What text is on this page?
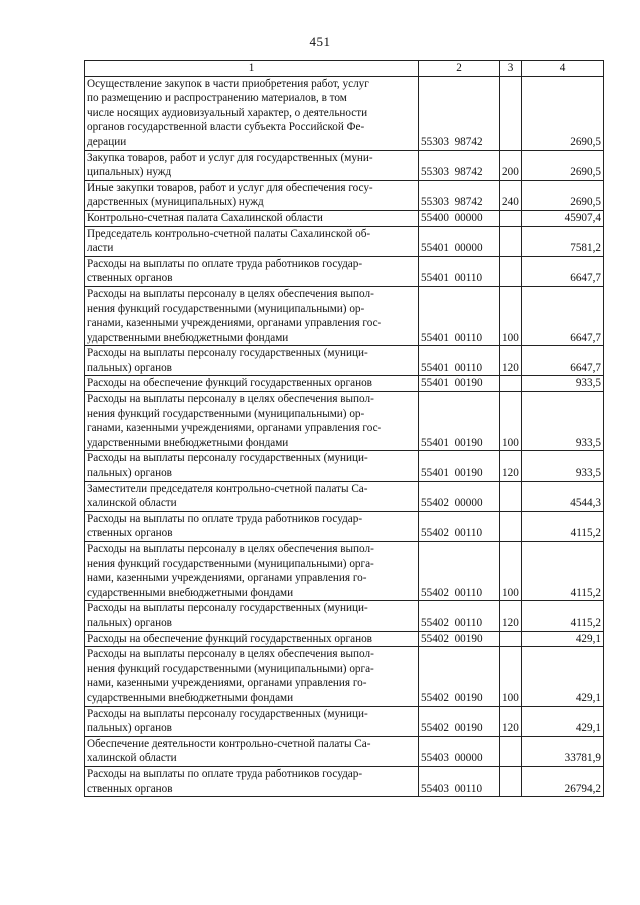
451
1	2	3	4
Осуществление закупок в части приобретения работ, услуг
по размещению и распространению материалов, в том
числе носящих аудиовизуальный характер, о деятельности
органов государственной власти субъекта Российской Фе-
дерации	55303  98742		2690,5
Закупка товаров, работ и услуг для государственных (муни-
ципальных) нужд	55303  98742	200	2690,5
Иные закупки товаров, работ и услуг для обеспечения госу-
дарственных (муниципальных) нужд	55303  98742	240	2690,5
Контрольно-счетная палата Сахалинской области	55400  00000		45907,4
Председатель контрольно-счетной палаты Сахалинской об-
ласти	55401  00000		7581,2
Расходы на выплаты по оплате труда работников государ-
ственных органов	55401  00110		6647,7
Расходы на выплаты персоналу в целях обеспечения выпол-
нения функций государственными (муниципальными) ор-
ганами, казенными учреждениями, органами управления гос-
ударственными внебюджетными фондами	55401  00110	100	6647,7
Расходы на выплаты персоналу государственных (муници-
пальных) органов	55401  00110	120	6647,7
Расходы на обеспечение функций государственных органов	55401  00190		933,5
Расходы на выплаты персоналу в целях обеспечения выпол-
нения функций государственными (муниципальными) ор-
ганами, казенными учреждениями, органами управления гос-
ударственными внебюджетными фондами	55401  00190	100	933,5
Расходы на выплаты персоналу государственных (муници-
пальных) органов	55401  00190	120	933,5
Заместители председателя контрольно-счетной палаты Са-
халинской области	55402  00000		4544,3
Расходы на выплаты по оплате труда работников государ-
ственных органов	55402  00110		4115,2
Расходы на выплаты персоналу в целях обеспечения выпол-
нения функций государственными (муниципальными) орга-
нами, казенными учреждениями, органами управления го-
сударственными внебюджетными фондами	55402  00110	100	4115,2
Расходы на выплаты персоналу государственных (муници-
пальных) органов	55402  00110	120	4115,2
Расходы на обеспечение функций государственных органов	55402  00190		429,1
Расходы на выплаты персоналу в целях обеспечения выпол-
нения функций государственными (муниципальными) орга-
нами, казенными учреждениями, органами управления го-
сударственными внебюджетными фондами	55402  00190	100	429,1
Расходы на выплаты персоналу государственных (муници-
пальных) органов	55402  00190	120	429,1
Обеспечение деятельности контрольно-счетной палаты Са-
халинской области	55403  00000		33781,9
Расходы на выплаты по оплате труда работников государ-
ственных органов	55403  00110		26794,2
